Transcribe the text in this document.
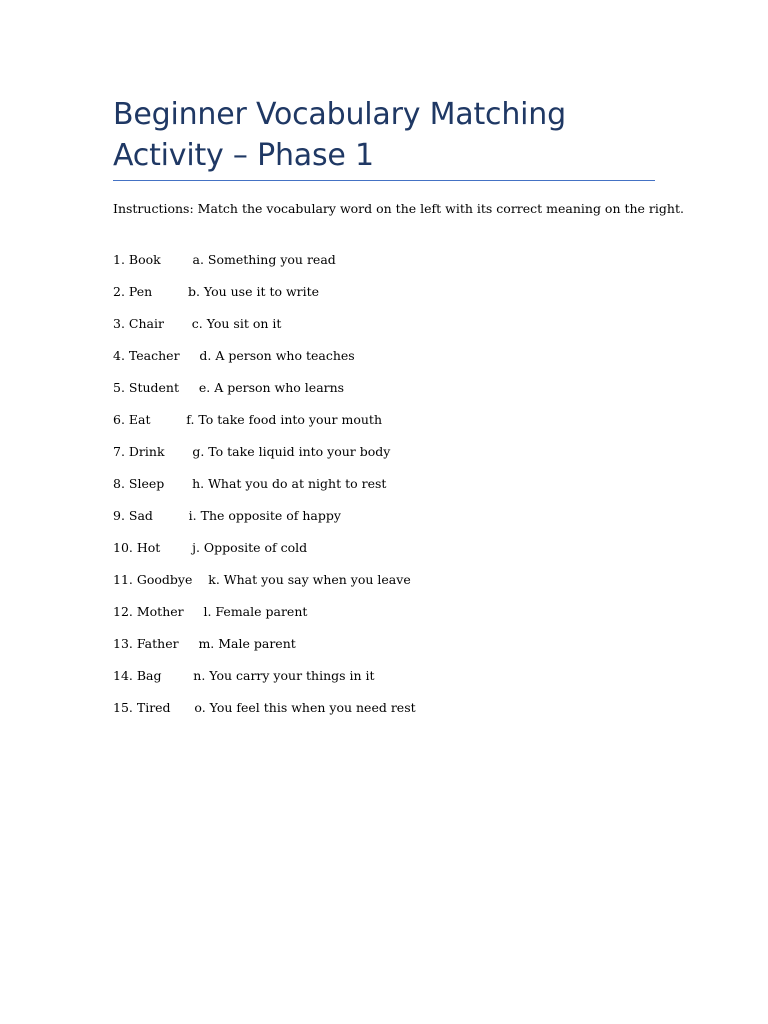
Beginner Vocabulary Matching Activity – Phase 1

Instructions: Match the vocabulary word on the left with its correct meaning on the right.

1. Book        a. Something you read
2. Pen         b. You use it to write
3. Chair       c. You sit on it
4. Teacher     d. A person who teaches
5. Student     e. A person who learns
6. Eat         f. To take food into your mouth
7. Drink       g. To take liquid into your body
8. Sleep       h. What you do at night to rest
9. Sad         i. The opposite of happy
10. Hot        j. Opposite of cold
11. Goodbye    k. What you say when you leave
12. Mother     l. Female parent
13. Father     m. Male parent
14. Bag        n. You carry your things in it
15. Tired      o. You feel this when you need rest
